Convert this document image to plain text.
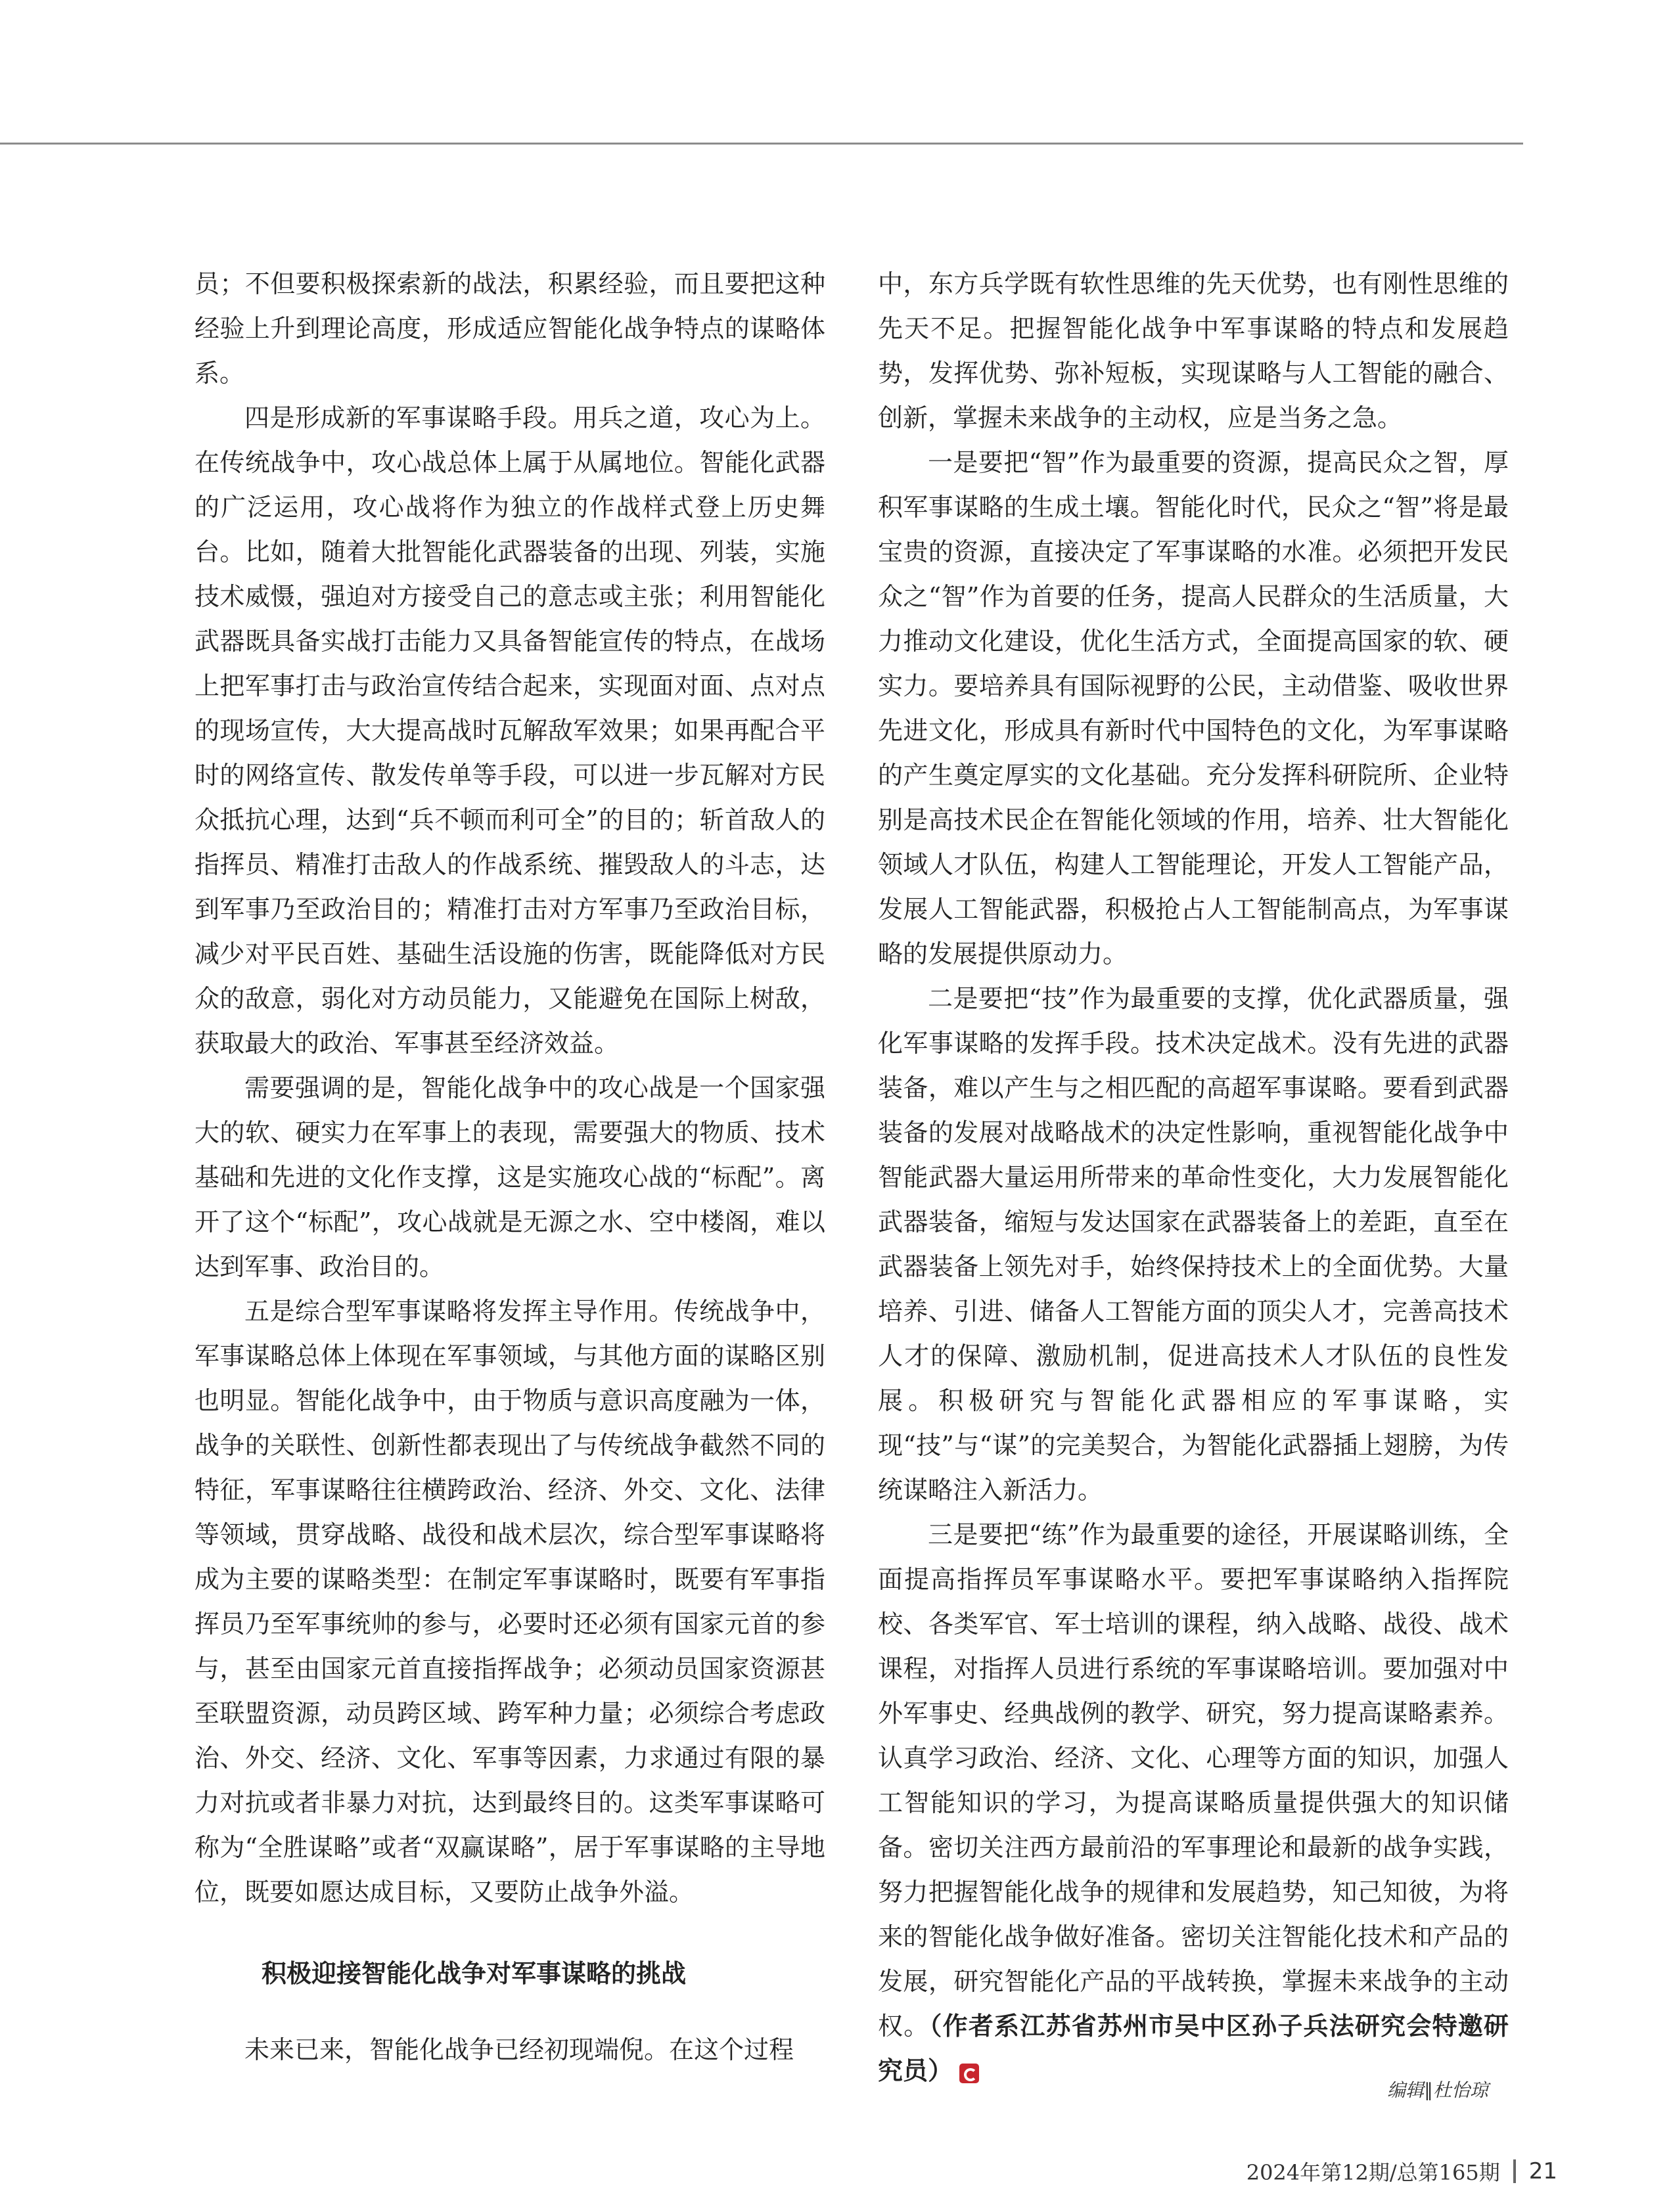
员；不但要积极探索新的战法，积累经验，而且要把这种经验上升到理论高度，形成适应智能化战争特点的谋略体系。

四是形成新的军事谋略手段。用兵之道，攻心为上。在传统战争中，攻心战总体上属于从属地位。智能化武器的广泛运用，攻心战将作为独立的作战样式登上历史舞台。比如，随着大批智能化武器装备的出现、列装，实施技术威慑，强迫对方接受自己的意志或主张；利用智能化武器既具备实战打击能力又具备智能宣传的特点，在战场上把军事打击与政治宣传结合起来，实现面对面、点对点的现场宣传，大大提高战时瓦解敌军效果；如果再配合平时的网络宣传、散发传单等手段，可以进一步瓦解对方民众抵抗心理，达到“兵不顿而利可全”的目的；斩首敌人的指挥员、精准打击敌人的作战系统、摧毁敌人的斗志，达到军事乃至政治目的；精准打击对方军事乃至政治目标，减少对平民百姓、基础生活设施的伤害，既能降低对方民众的敌意，弱化对方动员能力，又能避免在国际上树敌，获取最大的政治、军事甚至经济效益。

需要强调的是，智能化战争中的攻心战是一个国家强大的软、硬实力在军事上的表现，需要强大的物质、技术基础和先进的文化作支撑，这是实施攻心战的“标配”。离开了这个“标配”，攻心战就是无源之水、空中楼阁，难以达到军事、政治目的。

五是综合型军事谋略将发挥主导作用。传统战争中，军事谋略总体上体现在军事领域，与其他方面的谋略区别也明显。智能化战争中，由于物质与意识高度融为一体，战争的关联性、创新性都表现出了与传统战争截然不同的特征，军事谋略往往横跨政治、经济、外交、文化、法律等领域，贯穿战略、战役和战术层次，综合型军事谋略将成为主要的谋略类型：在制定军事谋略时，既要有军事指挥员乃至军事统帅的参与，必要时还必须有国家元首的参与，甚至由国家元首直接指挥战争；必须动员国家资源甚至联盟资源，动员跨区域、跨军种力量；必须综合考虑政治、外交、经济、文化、军事等因素，力求通过有限的暴力对抗或者非暴力对抗，达到最终目的。这类军事谋略可称为“全胜谋略”或者“双赢谋略”，居于军事谋略的主导地位，既要如愿达成目标，又要防止战争外溢。

积极迎接智能化战争对军事谋略的挑战

未来已来，智能化战争已经初现端倪。在这个过程

中，东方兵学既有软性思维的先天优势，也有刚性思维的先天不足。把握智能化战争中军事谋略的特点和发展趋势，发挥优势、弥补短板，实现谋略与人工智能的融合、创新，掌握未来战争的主动权，应是当务之急。

一是要把“智”作为最重要的资源，提高民众之智，厚积军事谋略的生成土壤。智能化时代，民众之“智”将是最宝贵的资源，直接决定了军事谋略的水准。必须把开发民众之“智”作为首要的任务，提高人民群众的生活质量，大力推动文化建设，优化生活方式，全面提高国家的软、硬实力。要培养具有国际视野的公民，主动借鉴、吸收世界先进文化，形成具有新时代中国特色的文化，为军事谋略的产生奠定厚实的文化基础。充分发挥科研院所、企业特别是高技术民企在智能化领域的作用，培养、壮大智能化领域人才队伍，构建人工智能理论，开发人工智能产品，发展人工智能武器，积极抢占人工智能制高点，为军事谋略的发展提供原动力。

二是要把“技”作为最重要的支撑，优化武器质量，强化军事谋略的发挥手段。技术决定战术。没有先进的武器装备，难以产生与之相匹配的高超军事谋略。要看到武器装备的发展对战略战术的决定性影响，重视智能化战争中智能武器大量运用所带来的革命性变化，大力发展智能化武器装备，缩短与发达国家在武器装备上的差距，直至在武器装备上领先对手，始终保持技术上的全面优势。大量培养、引进、储备人工智能方面的顶尖人才，完善高技术人才的保障、激励机制，促进高技术人才队伍的良性发展。积极研究与智能化武器相应的军事谋略，实现“技”与“谋”的完美契合，为智能化武器插上翅膀，为传统谋略注入新活力。

三是要把“练”作为最重要的途径，开展谋略训练，全面提高指挥员军事谋略水平。要把军事谋略纳入指挥院校、各类军官、军士培训的课程，纳入战略、战役、战术课程，对指挥人员进行系统的军事谋略培训。要加强对中外军事史、经典战例的教学、研究，努力提高谋略素养。认真学习政治、经济、文化、心理等方面的知识，加强人工智能知识的学习，为提高谋略质量提供强大的知识储备。密切关注西方最前沿的军事理论和最新的战争实践，努力把握智能化战争的规律和发展趋势，知己知彼，为将来的智能化战争做好准备。密切关注智能化技术和产品的发展，研究智能化产品的平战转换，掌握未来战争的主动权。（作者系江苏省苏州市吴中区孙子兵法研究会特邀研究员）

编辑∥杜怡琼
2024年第12期/总第165期 21
